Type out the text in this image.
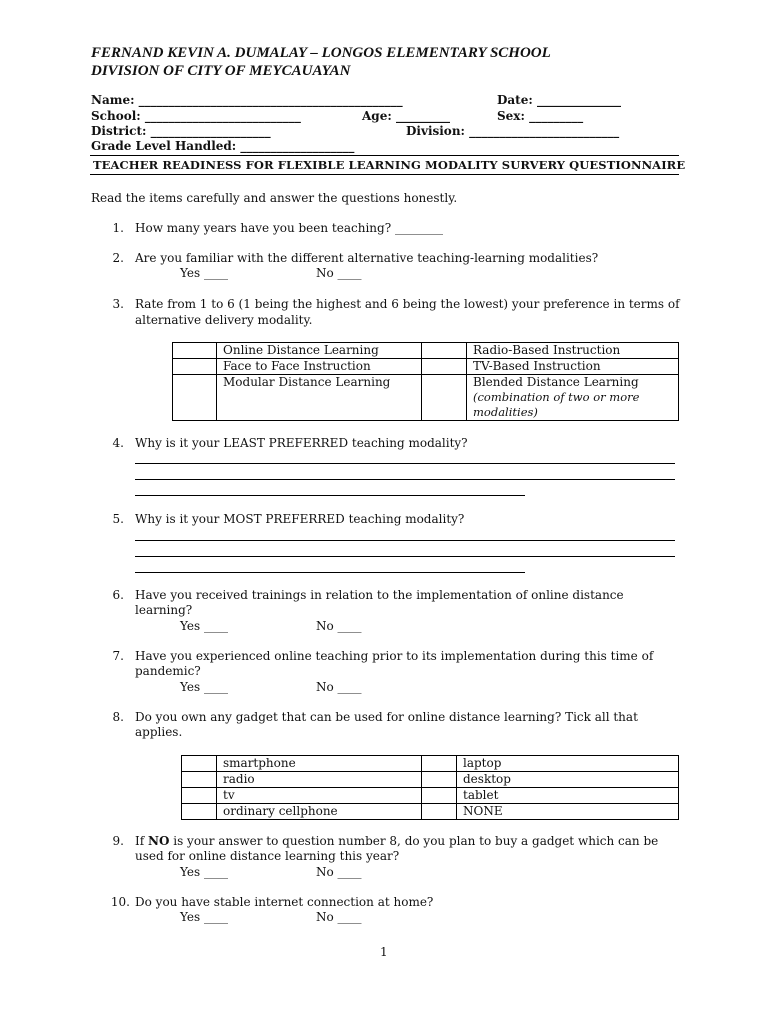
FERNAND KEVIN A. DUMALAY – LONGOS ELEMENTARY SCHOOL
DIVISION OF CITY OF MEYCAUAYAN
Name: ____________________________________________	Date: ______________
School: __________________________	Age: _________	Sex: _________
District: ____________________	Division: _________________________
Grade Level Handled: ___________________
TEACHER READINESS FOR FLEXIBLE LEARNING MODALITY SURVERY QUESTIONNAIRE
Read the items carefully and answer the questions honestly.
1. How many years have you been teaching? ________
2. Are you familiar with the different alternative teaching-learning modalities?
Yes ____	No ____
3. Rate from 1 to 6 (1 being the highest and 6 being the lowest) your preference in terms of
alternative delivery modality.
	Online Distance Learning		Radio-Based Instruction
	Face to Face Instruction		TV-Based Instruction
	Modular Distance Learning		Blended Distance Learning
(combination of two or more modalities)
4. Why is it your LEAST PREFERRED teaching modality?
5. Why is it your MOST PREFERRED teaching modality?
6. Have you received trainings in relation to the implementation of online distance
learning?
Yes ____	No ____
7. Have you experienced online teaching prior to its implementation during this time of
pandemic?
Yes ____	No ____
8. Do you own any gadget that can be used for online distance learning? Tick all that
applies.
	smartphone		laptop
	radio		desktop
	tv		tablet
	ordinary cellphone		NONE
9. If NO is your answer to question number 8, do you plan to buy a gadget which can be
used for online distance learning this year?
Yes ____	No ____
10. Do you have stable internet connection at home?
Yes ____	No ____
1
